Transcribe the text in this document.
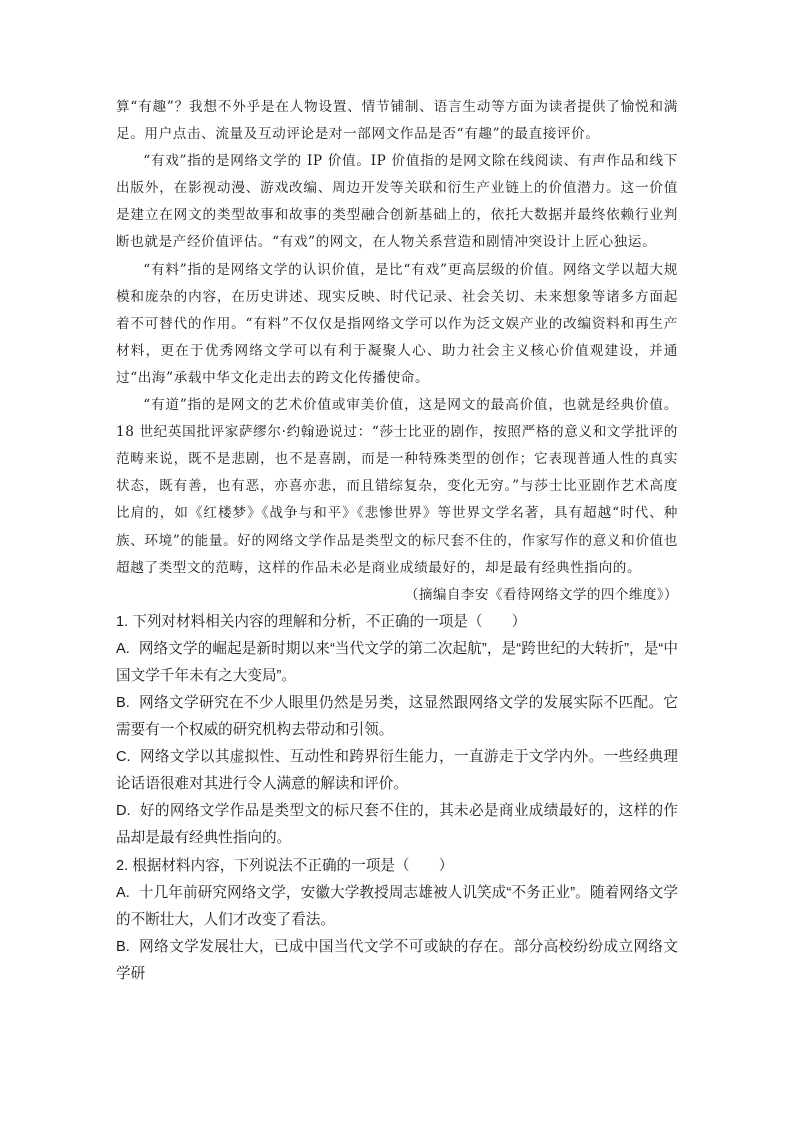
算“有趣”？我想不外乎是在人物设置、情节铺制、语言生动等方面为读者提供了愉悦和满足。用户点击、流量及互动评论是对一部网文作品是否“有趣”的最直接评价。

“有戏”指的是网络文学的 IP 价值。IP 价值指的是网文除在线阅读、有声作品和线下出版外，在影视动漫、游戏改编、周边开发等关联和衍生产业链上的价值潜力。这一价值是建立在网文的类型故事和故事的类型融合创新基础上的，依托大数据并最终依赖行业判断也就是产经价值评估。“有戏”的网文，在人物关系营造和剧情冲突设计上匠心独运。

“有料”指的是网络文学的认识价值，是比“有戏”更高层级的价值。网络文学以超大规模和庞杂的内容，在历史讲述、现实反映、时代记录、社会关切、未来想象等诸多方面起着不可替代的作用。“有料”不仅仅是指网络文学可以作为泛文娱产业的改编资料和再生产材料，更在于优秀网络文学可以有利于凝聚人心、助力社会主义核心价值观建设，并通过“出海”承载中华文化走出去的跨文化传播使命。

“有道”指的是网文的艺术价值或审美价值，这是网文的最高价值，也就是经典价值。18 世纪英国批评家萨缪尔·约翰逊说过：“莎士比亚的剧作，按照严格的意义和文学批评的范畴来说，既不是悲剧，也不是喜剧，而是一种特殊类型的创作；它表现普通人性的真实状态，既有善，也有恶，亦喜亦悲，而且错综复杂，变化无穷。”与莎士比亚剧作艺术高度比肩的，如《红楼梦》《战争与和平》《悲惨世界》等世界文学名著，具有超越“时代、种族、环境”的能量。好的网络文学作品是类型文的标尺套不住的，作家写作的意义和价值也超越了类型文的范畴，这样的作品未必是商业成绩最好的，却是最有经典性指向的。

（摘编自李安《看待网络文学的四个维度》）

1. 下列对材料相关内容的理解和分析，不正确的一项是（　　）

A. 网络文学的崛起是新时期以来“当代文学的第二次起航”，是“跨世纪的大转折”，是“中国文学千年未有之大变局”。

B. 网络文学研究在不少人眼里仍然是另类，这显然跟网络文学的发展实际不匹配。它需要有一个权威的研究机构去带动和引领。

C. 网络文学以其虚拟性、互动性和跨界衍生能力，一直游走于文学内外。一些经典理论话语很难对其进行令人满意的解读和评价。

D. 好的网络文学作品是类型文的标尺套不住的，其未必是商业成绩最好的，这样的作品却是最有经典性指向的。

2. 根据材料内容，下列说法不正确的一项是（　　）

A. 十几年前研究网络文学，安徽大学教授周志雄被人讥笑成“不务正业”。随着网络文学的不断壮大，人们才改变了看法。

B. 网络文学发展壮大，已成中国当代文学不可或缺的存在。部分高校纷纷成立网络文学研
